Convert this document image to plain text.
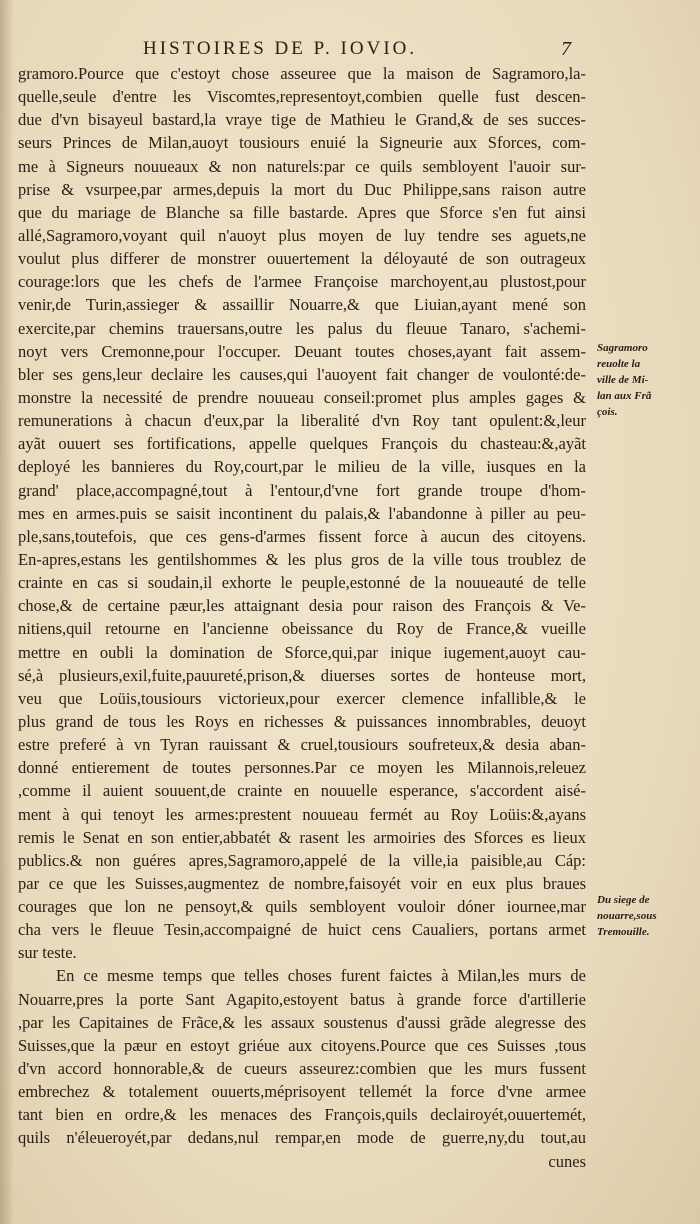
HISTOIRES DE P. IOVIO.	7
gramoro.Pource que c'estoyt chose asseuree que la maison de Sagramoro,la-
quelle,seule d'entre les Viscomtes,representoyt,combien quelle fust descen-
due d'vn bisayeul bastard,la vraye tige de Mathieu le Grand,& de ses succes-
seurs Princes de Milan,auoyt tousiours enuié la Signeurie aux Sforces, com-
me à Signeurs nouueaux & non naturels:par ce quils sembloyent l'auoir sur-
prise & vsurpee,par armes,depuis la mort du Duc Philippe,sans raison autre
que du mariage de Blanche sa fille bastarde. Apres que Sforce s'en fut ainsi
allé,Sagramoro,voyant quil n'auoyt plus moyen de luy tendre ses aguets,ne
voulut plus differer de monstrer ouuertement la déloyauté de son outrageux
courage:lors que les chefs de l'armee Françoise marchoyent,au plustost,pour
venir,de Turin,assieger & assaillir Nouarre,& que Liuian,ayant mené son
exercite,par chemins trauersans,outre les palus du fleuue Tanaro, s'achemi-
noyt vers Cremonne,pour l'occuper. Deuant toutes choses,ayant fait assem-
bler ses gens,leur declaire les causes,qui l'auoyent fait changer de voulonté:de-
monstre la necessité de prendre nouueau conseil:promet plus amples gages &
remunerations à chacun d'eux,par la liberalité d'vn Roy tant opulent:&,leur
ayãt ouuert ses fortifications, appelle quelques François du chasteau:&,ayãt
deployé les bannieres du Roy,court,par le milieu de la ville, iusques en la
grand' place,accompagné,tout à l'entour,d'vne fort grande troupe d'hom-
mes en armes.puis se saisit incontinent du palais,& l'abandonne à piller au peu-
ple,sans,toutefois, que ces gens-d'armes fissent force à aucun des citoyens.
En-apres,estans les gentilshommes & les plus gros de la ville tous troublez de
crainte en cas si soudain,il exhorte le peuple,estonné de la nouueauté de telle
chose,& de certaine pæur,les attaignant desia pour raison des François & Ve-
nitiens,quil retourne en l'ancienne obeissance du Roy de France,& vueille
mettre en oubli la domination de Sforce,qui,par inique iugement,auoyt cau-
sé,à plusieurs,exil,fuite,pauureté,prison,& diuerses sortes de honteuse mort,
veu que Loüis,tousiours victorieux,pour exercer clemence infallible,& le
plus grand de tous les Roys en richesses & puissances innombrables, deuoyt
estre preferé à vn Tyran rauissant & cruel,tousiours soufreteux,& desia aban-
donné entierement de toutes personnes.Par ce moyen les Milannois,releuez
,comme il auient souuent,de crainte en nouuelle esperance, s'accordent aisé-
ment à qui tenoyt les armes:prestent nouueau fermét au Roy Loüis:&,ayans
remis le Senat en son entier,abbatét & rasent les armoiries des Sforces es lieux
publics.& non guéres apres,Sagramoro,appelé de la ville,ia paisible,au Cáp:
par ce que les Suisses,augmentez de nombre,faisoyét voir en eux plus braues
courages que lon ne pensoyt,& quils sembloyent vouloir dóner iournee,mar
cha vers le fleuue Tesin,accompaigné de huict cens Caualiers, portans armet
sur teste.
En ce mesme temps que telles choses furent faictes à Milan,les murs de
Nouarre,pres la porte Sant Agapito,estoyent batus à grande force d'artillerie
,par les Capitaines de Frãce,& les assaux soustenus d'aussi grãde alegresse des
Suisses,que la pæur en estoyt griéue aux citoyens.Pource que ces Suisses ,tous
d'vn accord honnorable,& de cueurs asseurez:combien que les murs fussent
embrechez & totalement ouuerts,méprisoyent tellemét la force d'vne armee
tant bien en ordre,& les menaces des François,quils declairoyét,ouuertemét,
quils n'éleueroyét,par dedans,nul rempar,en mode de guerre,ny,du tout,au
cunes
Sagramoro
reuolte la
ville de Mi-
lan aux Frã
çois.
Du siege de
nouarre,sous
Tremouille.
